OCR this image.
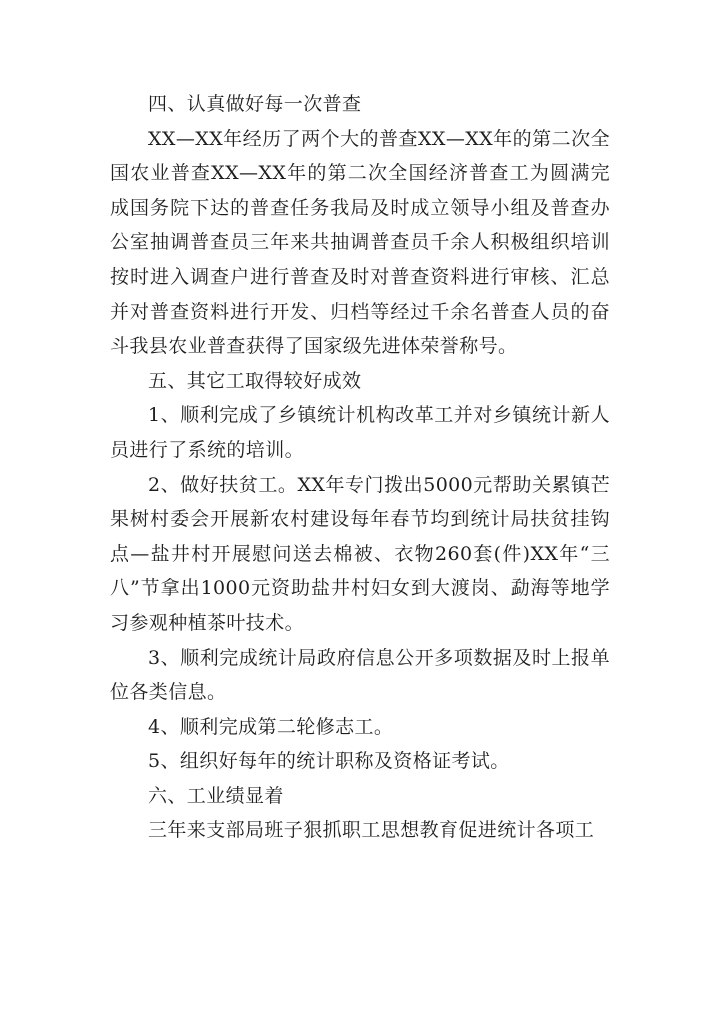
四、认真做好每一次普查

XX—XX年经历了两个大的普查XX—XX年的第二次全国农业普查XX—XX年的第二次全国经济普查工为圆满完成国务院下达的普查任务我局及时成立领导小组及普查办公室抽调普查员三年来共抽调普查员千余人积极组织培训按时进入调查户进行普查及时对普查资料进行审核、汇总并对普查资料进行开发、归档等经过千余名普查人员的奋斗我县农业普查获得了国家级先进体荣誉称号。

五、其它工取得较好成效

1、顺利完成了乡镇统计机构改革工并对乡镇统计新人员进行了系统的培训。

2、做好扶贫工。XX年专门拨出5000元帮助关累镇芒果树村委会开展新农村建设每年春节均到统计局扶贫挂钩点—盐井村开展慰问送去棉被、衣物260套(件)XX年“三八”节拿出1000元资助盐井村妇女到大渡岗、勐海等地学习参观种植茶叶技术。

3、顺利完成统计局政府信息公开多项数据及时上报单位各类信息。

4、顺利完成第二轮修志工。

5、组织好每年的统计职称及资格证考试。

六、工业绩显着

三年来支部局班子狠抓职工思想教育促进统计各项工
